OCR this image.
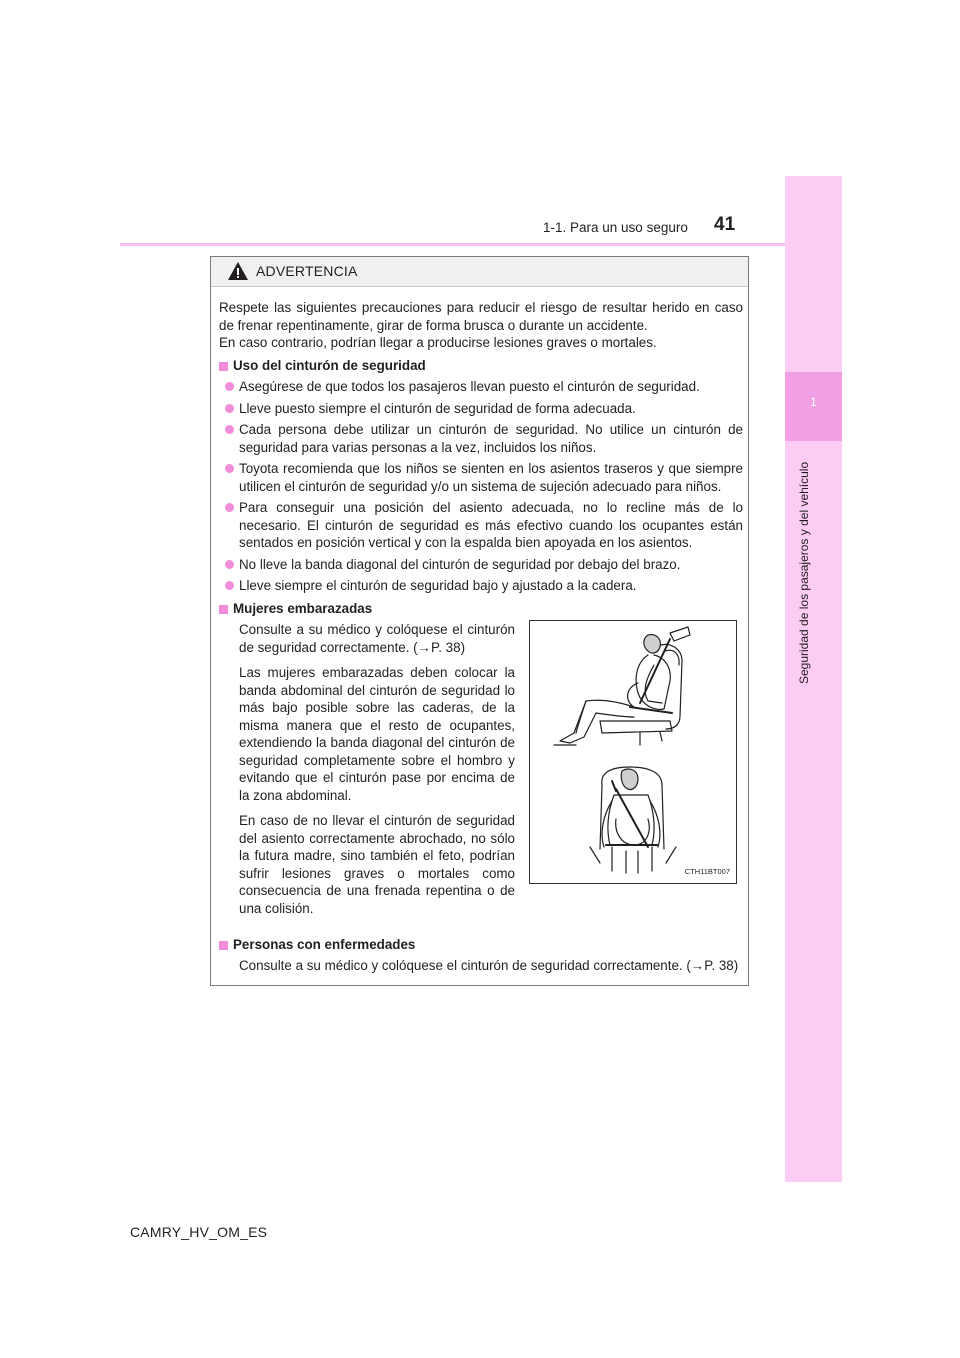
41
1-1. Para un uso seguro
1
Seguridad de los pasajeros y del vehículo
ADVERTENCIA

Respete las siguientes precauciones para reducir el riesgo de resultar herido en caso de frenar repentinamente, girar de forma brusca o durante un accidente.

En caso contrario, podrían llegar a producirse lesiones graves o mortales.

Uso del cinturón de seguridad
Asegúrese de que todos los pasajeros llevan puesto el cinturón de seguridad.
Lleve puesto siempre el cinturón de seguridad de forma adecuada.
Cada persona debe utilizar un cinturón de seguridad. No utilice un cinturón de seguridad para varias personas a la vez, incluidos los niños.
Toyota recomienda que los niños se sienten en los asientos traseros y que siempre utilicen el cinturón de seguridad y/o un sistema de sujeción adecuado para niños.
Para conseguir una posición del asiento adecuada, no lo recline más de lo necesario. El cinturón de seguridad es más efectivo cuando los ocupantes están sentados en posición vertical y con la espalda bien apoyada en los asientos.
No lleve la banda diagonal del cinturón de seguridad por debajo del brazo.
Lleve siempre el cinturón de seguridad bajo y ajustado a la cadera.
Mujeres embarazadas

Consulte a su médico y colóquese el cinturón de seguridad correctamente. (→P. 38)

Las mujeres embarazadas deben colocar la banda abdominal del cinturón de seguridad lo más bajo posible sobre las caderas, de la misma manera que el resto de ocupantes, extendiendo la banda diagonal del cinturón de seguridad completamente sobre el hombro y evitando que el cinturón pase por encima de la zona abdominal.

En caso de no llevar el cinturón de seguridad del asiento correctamente abrochado, no sólo la futura madre, sino también el feto, podrían sufrir lesiones graves o mortales como consecuencia de una frenada repentina o de una colisión.

CTH11BT007
Personas con enfermedades

Consulte a su médico y colóquese el cinturón de seguridad correctamente. (→P. 38)

CAMRY_HV_OM_ES
